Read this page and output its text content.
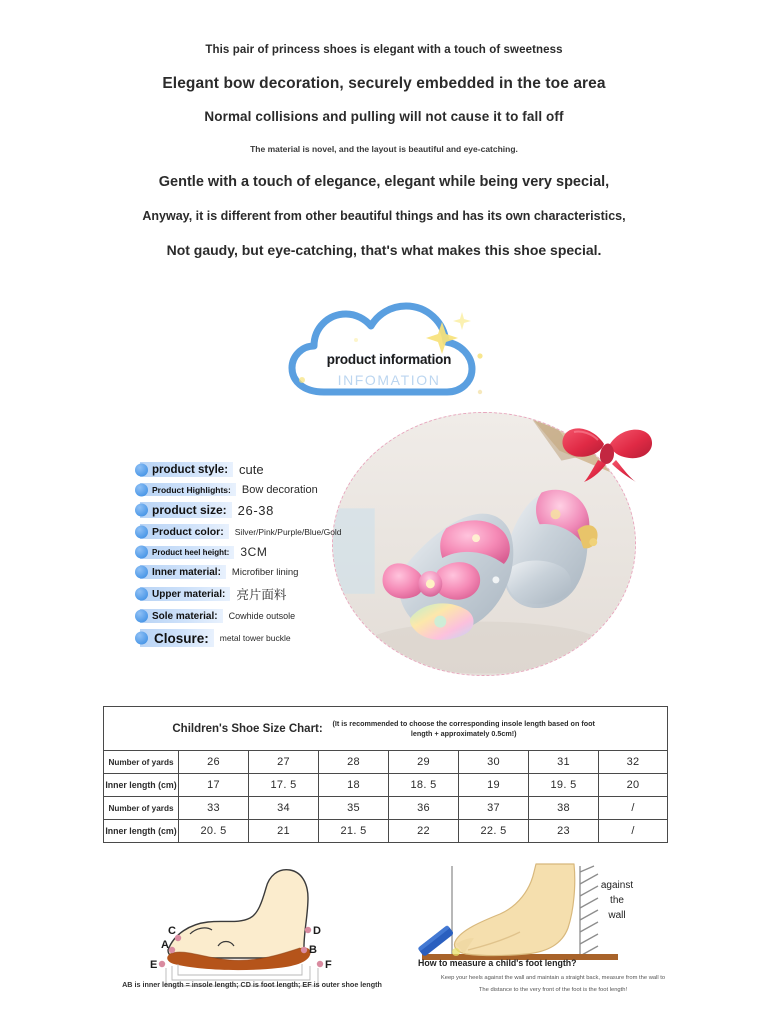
This pair of princess shoes is elegant with a touch of sweetness

Elegant bow decoration, securely embedded in the toe area

Normal collisions and pulling will not cause it to fall off

The material is novel, and the layout is beautiful and eye-catching.

Gentle with a touch of elegance, elegant while being very special,

Anyway, it is different from other beautiful things and has its own characteristics,

Not gaudy, but eye-catching, that's what makes this shoe special.

product information
INFOMATION
product style: cute
Product Highlights:	Bow decoration
product size: 26-38
Product color:	Silver/Pink/Purple/Blue/Gold
Product heel height: 3CM
Inner material:	Microfiber lining
Upper material: 亮片面料
Sole material:	Cowhide outsole
Closure:	metal tower buckle
Children's Shoe Size Chart: (It is recommended to choose the corresponding insole length based on foot length + approximately 0.5cm!)							

Number of yards	26	27	28	29	30	31	32
Inner length (cm)	17	17. 5	18	18. 5	19	19. 5	20
Number of yards	33	34	35	36	37	38	/
Inner length (cm)	20. 5	21	21. 5	22	22. 5	23	/
A	B
C	D
E	F
AB is inner length = insole length; CD is foot length; EF is outer shoe length
against
the
wall
How to measure a child's foot length?
Keep your heels against the wall and maintain a straight back, measure from the wall to
The distance to the very front of the foot is the foot length!
